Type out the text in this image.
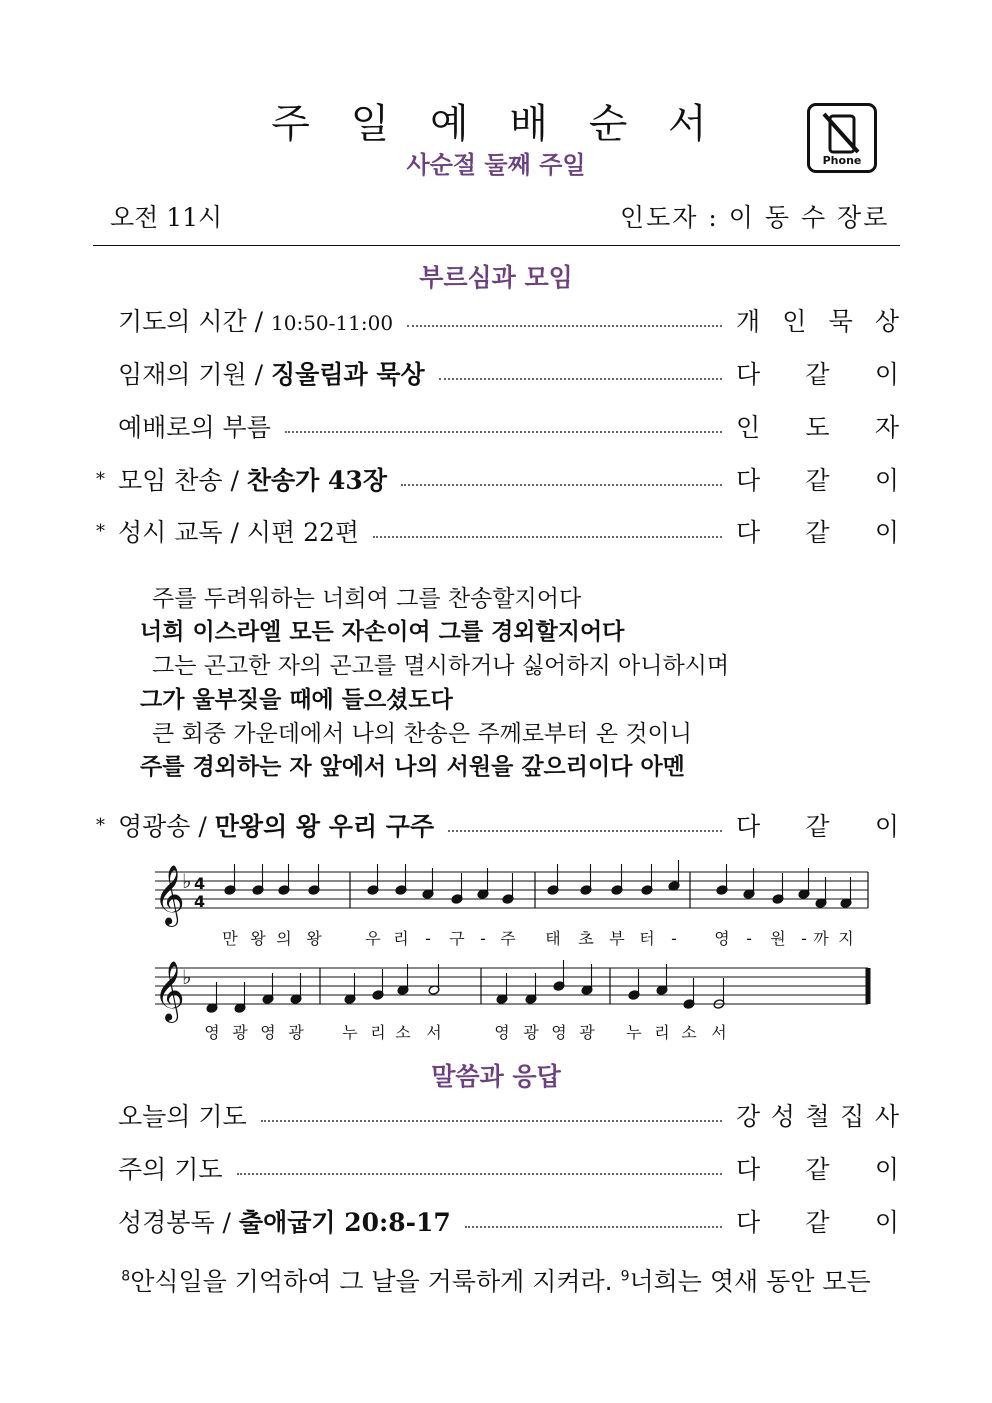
주 일 예 배 순 서
사순절 둘째 주일	Phone
오전 11시	인도자 : 이 동 수 장로
부르심과 모임
기도의 시간 / 10:50-11:00	개 인 묵 상
임재의 기원 / 징울림과 묵상	다 같 이
예배로의 부름	인 도 자
* 모임 찬송 / 찬송가 43장	다 같 이
* 성시 교독 / 시편 22편	다 같 이
주를 두려워하는 너희여 그를 찬송할지어다
너희 이스라엘 모든 자손이여 그를 경외할지어다
그는 곤고한 자의 곤고를 멸시하거나 싫어하지 아니하시며
그가 울부짖을 때에 들으셨도다
큰 회중 가운데에서 나의 찬송은 주께로부터 온 것이니
주를 경외하는 자 앞에서 나의 서원을 갚으리이다 아멘
* 영광송 / 만왕의 왕 우리 구주	다 같 이
𝄞
♭ 4
4
만 왕 의 왕	우 리 - 구 - 주 태 초 부 터 - 영 - 원 - 까 지
𝄞
♭
영 광 영 광 누 리 소 서	영 광 영 광 누 리 소 서
말씀과 응답
오늘의 기도	강 성 철 집 사
주의 기도	다 같 이
성경봉독 / 출애굽기 20:8-17	다 같 이
$^8$안식일을 기억하여 그 날을 거룩하게 지켜라. $^9$너희는 엿새 동안 모든
